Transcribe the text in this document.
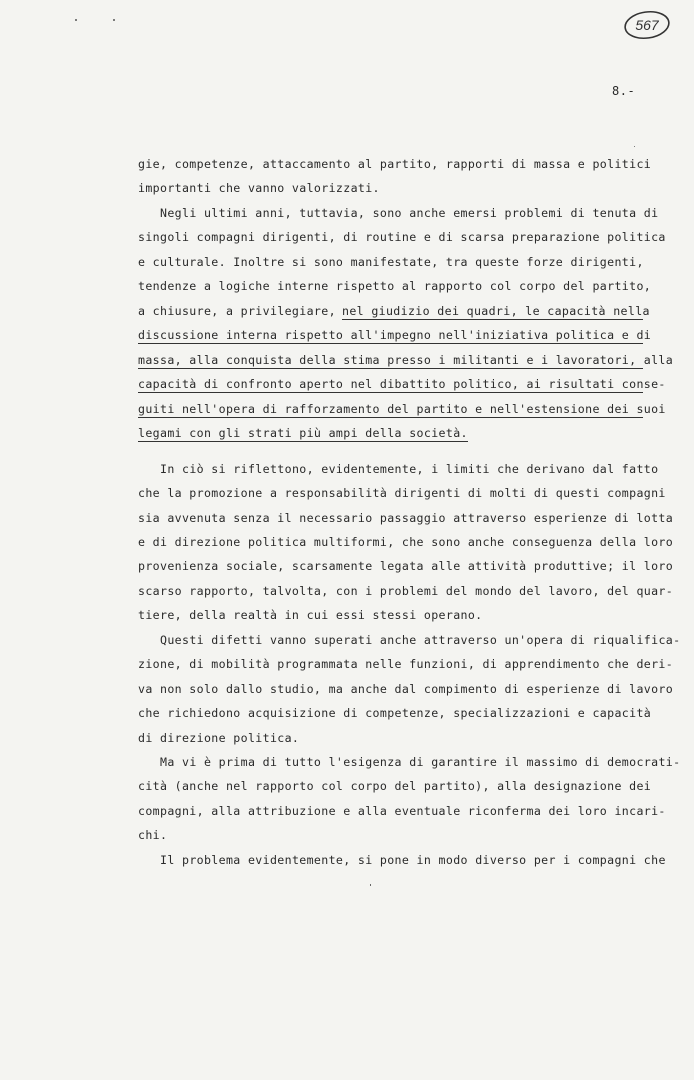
567
8.-
gie, competenze, attaccamento al partito, rapporti di massa e politici
importanti che vanno valorizzati.
Negli ultimi anni, tuttavia, sono anche emersi problemi di tenuta di
singoli compagni dirigenti, di routine e di scarsa preparazione politica
e culturale. Inoltre si sono manifestate, tra queste forze dirigenti,
tendenze a logiche interne rispetto al rapporto col corpo del partito,
a chiusure, a privilegiare, nel giudizio dei quadri, le capacità nella
discussione interna rispetto all'impegno nell'iniziativa politica e di
massa, alla conquista della stima presso i militanti e i lavoratori, alla
capacità di confronto aperto nel dibattito politico, ai risultati conse-
guiti nell'opera di rafforzamento del partito e nell'estensione dei suoi
legami con gli strati più ampi della società.
In ciò si riflettono, evidentemente, i limiti che derivano dal fatto
che la promozione a responsabilità dirigenti di molti di questi compagni
sia avvenuta senza il necessario passaggio attraverso esperienze di lotta
e di direzione politica multiformi, che sono anche conseguenza della loro
provenienza sociale, scarsamente legata alle attività produttive; il loro
scarso rapporto, talvolta, con i problemi del mondo del lavoro, del quar-
tiere, della realtà in cui essi stessi operano.
Questi difetti vanno superati anche attraverso un'opera di riqualifica-
zione, di mobilità programmata nelle funzioni, di apprendimento che deri-
va non solo dallo studio, ma anche dal compimento di esperienze di lavoro
che richiedono acquisizione di competenze, specializzazioni e capacità
di direzione politica.
Ma vi è prima di tutto l'esigenza di garantire il massimo di democrati-
cità (anche nel rapporto col corpo del partito), alla designazione dei
compagni, alla attribuzione e alla eventuale riconferma dei loro incari-
chi.
Il problema evidentemente, si pone in modo diverso per i compagni che
